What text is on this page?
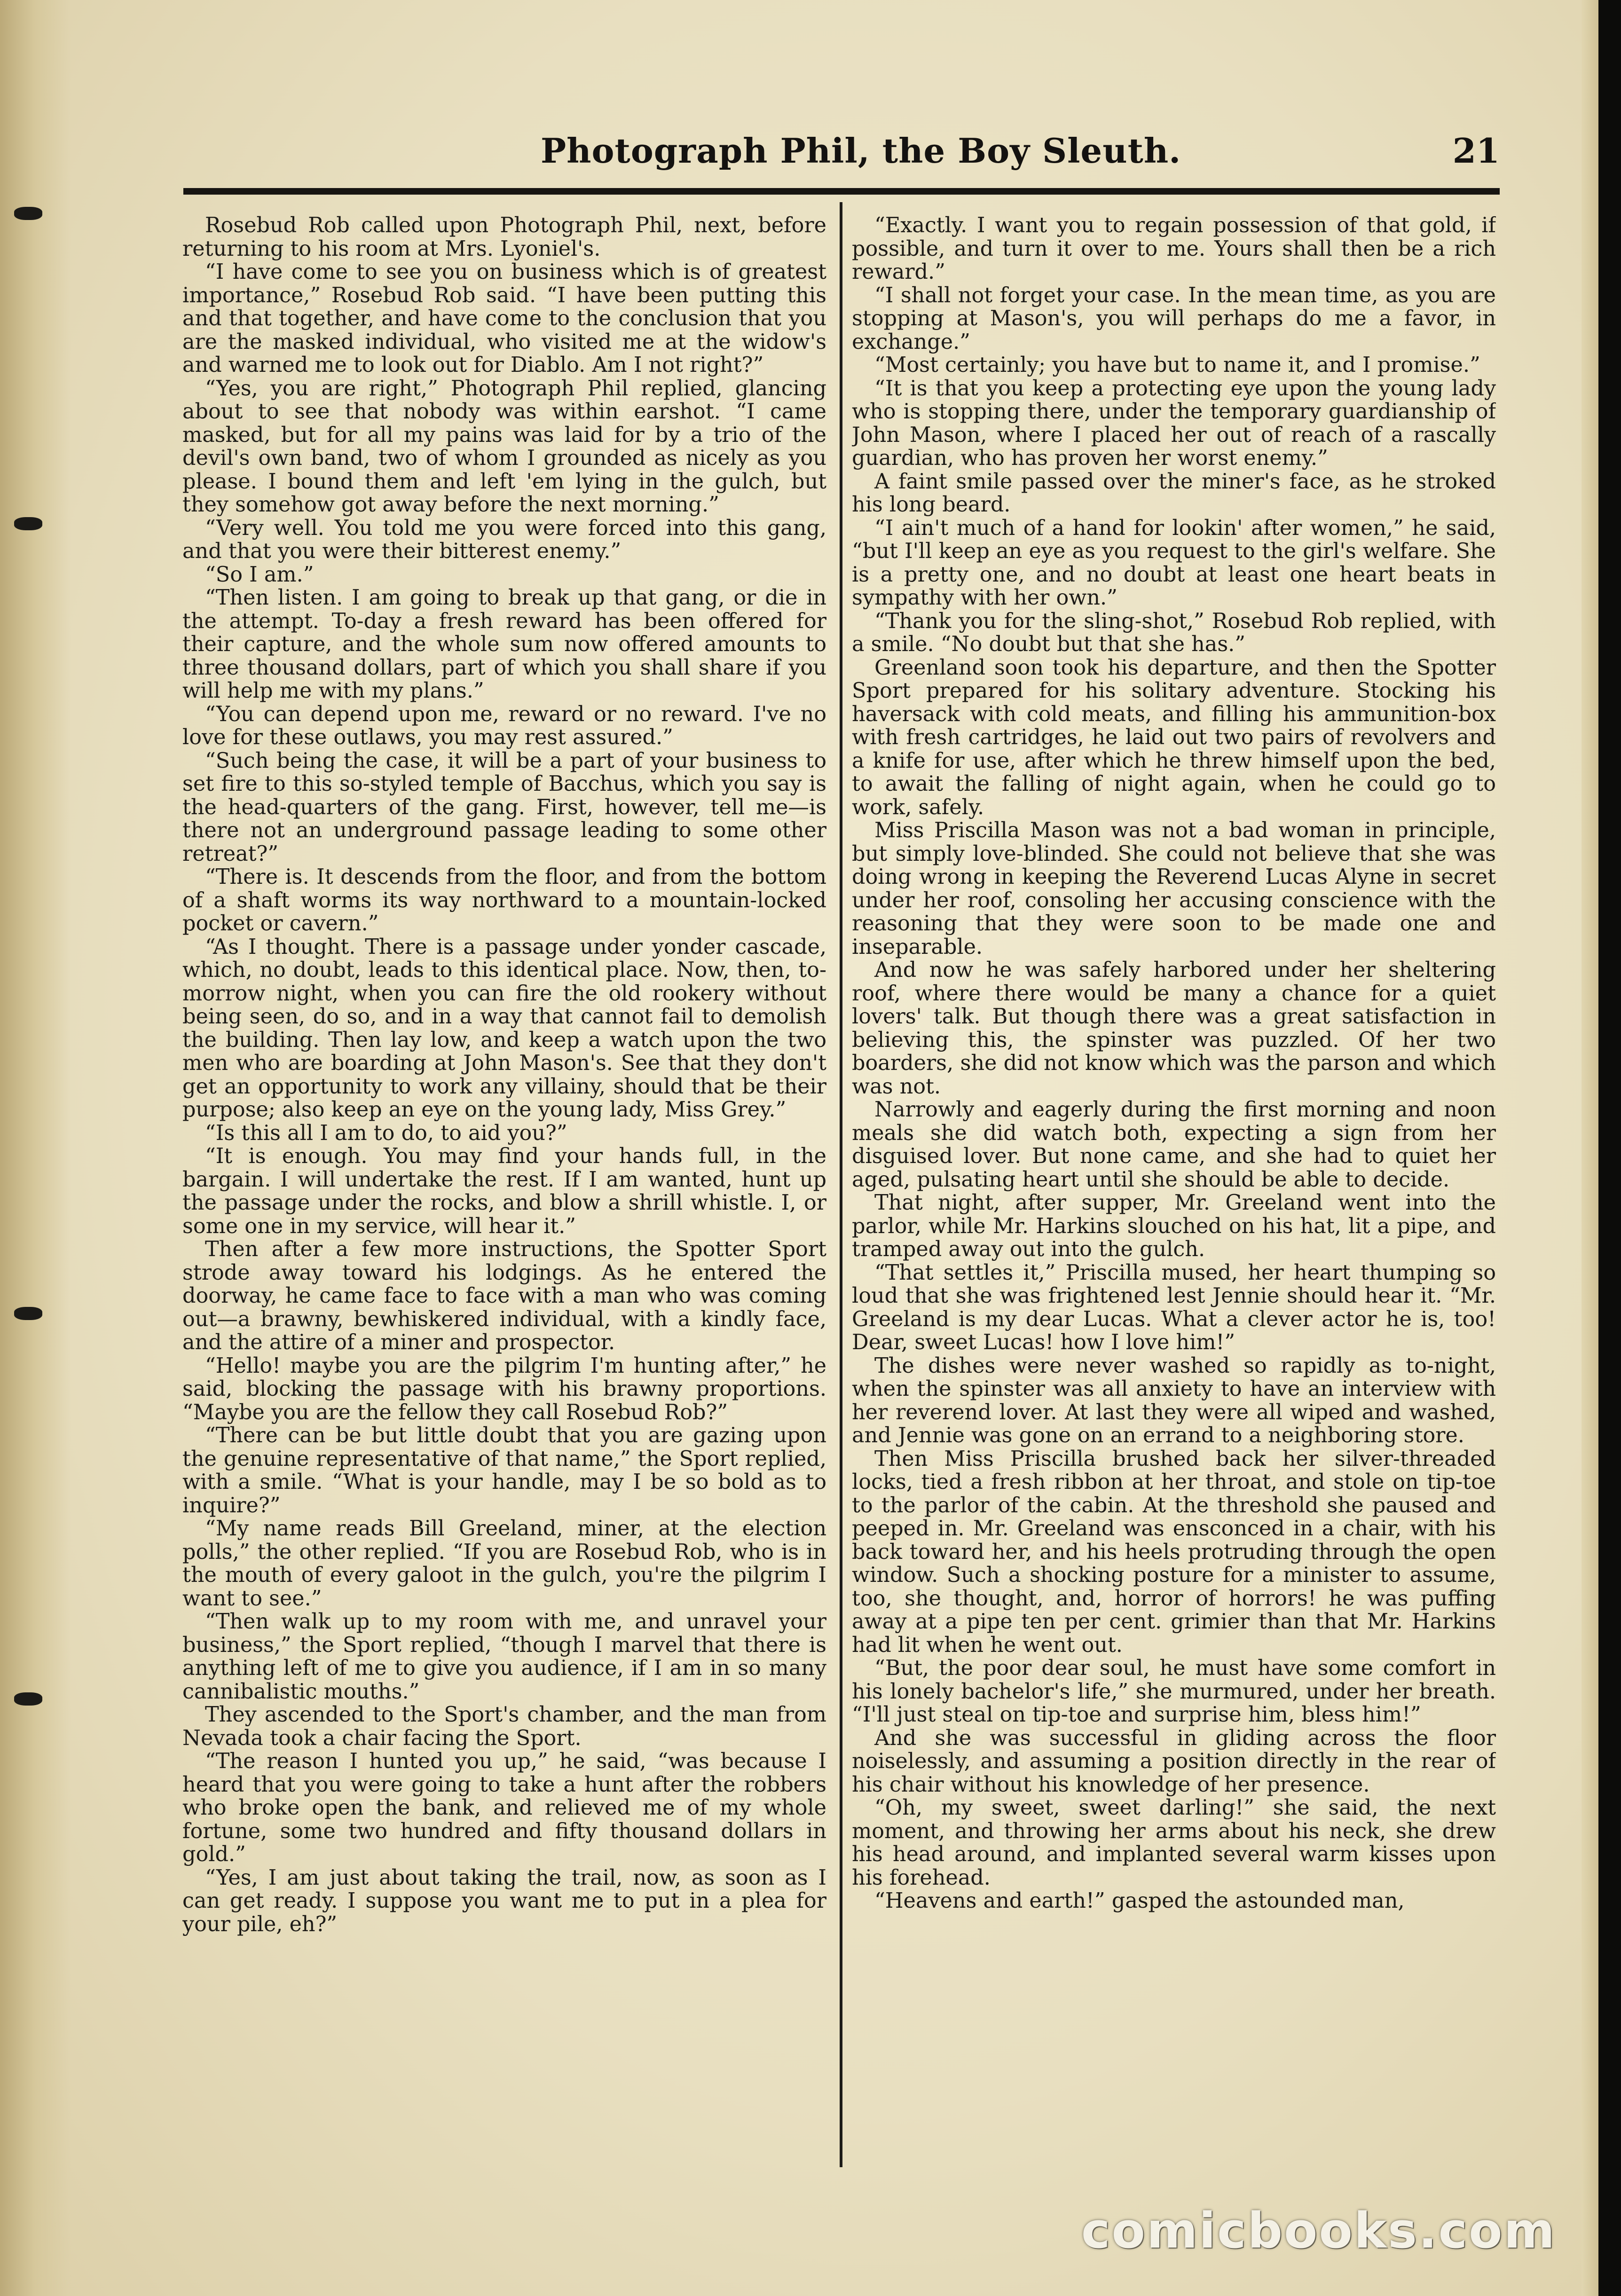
Photograph Phil, the Boy Sleuth.	21

Rosebud Rob called upon Photograph Phil, next, before returning to his room at Mrs. Lyoniel's.

“I have come to see you on business which is of greatest importance,” Rosebud Rob said. “I have been putting this and that together, and have come to the conclusion that you are the masked individual, who visited me at the widow's and warned me to look out for Diablo. Am I not right?”

“Yes, you are right,” Photograph Phil replied, glancing about to see that nobody was within earshot. “I came masked, but for all my pains was laid for by a trio of the devil's own band, two of whom I grounded as nicely as you please. I bound them and left 'em lying in the gulch, but they somehow got away before the next morning.”

“Very well. You told me you were forced into this gang, and that you were their bitterest enemy.”

“So I am.”

“Then listen. I am going to break up that gang, or die in the attempt. To-day a fresh reward has been offered for their capture, and the whole sum now offered amounts to three thousand dollars, part of which you shall share if you will help me with my plans.”

“You can depend upon me, reward or no reward. I've no love for these outlaws, you may rest assured.”

“Such being the case, it will be a part of your business to set fire to this so-styled temple of Bacchus, which you say is the head-quarters of the gang. First, however, tell me—is there not an underground passage leading to some other retreat?”

“There is. It descends from the floor, and from the bottom of a shaft worms its way northward to a mountain-locked pocket or cavern.”

“As I thought. There is a passage under yonder cascade, which, no doubt, leads to this identical place. Now, then, to-morrow night, when you can fire the old rookery without being seen, do so, and in a way that cannot fail to demolish the building. Then lay low, and keep a watch upon the two men who are boarding at John Mason's. See that they don't get an opportunity to work any villainy, should that be their purpose; also keep an eye on the young lady, Miss Grey.”

“Is this all I am to do, to aid you?”

“It is enough. You may find your hands full, in the bargain. I will undertake the rest. If I am wanted, hunt up the passage under the rocks, and blow a shrill whistle. I, or some one in my service, will hear it.”

Then after a few more instructions, the Spotter Sport strode away toward his lodgings. As he entered the doorway, he came face to face with a man who was coming out—a brawny, bewhiskered individual, with a kindly face, and the attire of a miner and prospector.

“Hello! maybe you are the pilgrim I'm hunting after,” he said, blocking the passage with his brawny proportions. “Maybe you are the fellow they call Rosebud Rob?”

“There can be but little doubt that you are gazing upon the genuine representative of that name,” the Sport replied, with a smile. “What is your handle, may I be so bold as to inquire?”

“My name reads Bill Greeland, miner, at the election polls,” the other replied. “If you are Rosebud Rob, who is in the mouth of every galoot in the gulch, you're the pilgrim I want to see.”

“Then walk up to my room with me, and unravel your business,” the Sport replied, “though I marvel that there is anything left of me to give you audience, if I am in so many cannibalistic mouths.”

They ascended to the Sport's chamber, and the man from Nevada took a chair facing the Sport.

“The reason I hunted you up,” he said, “was because I heard that you were going to take a hunt after the robbers who broke open the bank, and relieved me of my whole fortune, some two hundred and fifty thousand dollars in gold.”

“Yes, I am just about taking the trail, now, as soon as I can get ready. I suppose you want me to put in a plea for your pile, eh?”

“Exactly. I want you to regain possession of that gold, if possible, and turn it over to me. Yours shall then be a rich reward.”

“I shall not forget your case. In the mean time, as you are stopping at Mason's, you will perhaps do me a favor, in exchange.”

“Most certainly; you have but to name it, and I promise.”

“It is that you keep a protecting eye upon the young lady who is stopping there, under the temporary guardianship of John Mason, where I placed her out of reach of a rascally guardian, who has proven her worst enemy.”

A faint smile passed over the miner's face, as he stroked his long beard.

“I ain't much of a hand for lookin' after women,” he said, “but I'll keep an eye as you request to the girl's welfare. She is a pretty one, and no doubt at least one heart beats in sympathy with her own.”

“Thank you for the sling-shot,” Rosebud Rob replied, with a smile. “No doubt but that she has.”

Greenland soon took his departure, and then the Spotter Sport prepared for his solitary adventure. Stocking his haversack with cold meats, and filling his ammunition-box with fresh cartridges, he laid out two pairs of revolvers and a knife for use, after which he threw himself upon the bed, to await the falling of night again, when he could go to work, safely.

Miss Priscilla Mason was not a bad woman in principle, but simply love-blinded. She could not believe that she was doing wrong in keeping the Reverend Lucas Alyne in secret under her roof, consoling her accusing conscience with the reasoning that they were soon to be made one and inseparable.

And now he was safely harbored under her sheltering roof, where there would be many a chance for a quiet lovers' talk. But though there was a great satisfaction in believing this, the spinster was puzzled. Of her two boarders, she did not know which was the parson and which was not.

Narrowly and eagerly during the first morning and noon meals she did watch both, expecting a sign from her disguised lover. But none came, and she had to quiet her aged, pulsating heart until she should be able to decide.

That night, after supper, Mr. Greeland went into the parlor, while Mr. Harkins slouched on his hat, lit a pipe, and tramped away out into the gulch.

“That settles it,” Priscilla mused, her heart thumping so loud that she was frightened lest Jennie should hear it. “Mr. Greeland is my dear Lucas. What a clever actor he is, too! Dear, sweet Lucas! how I love him!”

The dishes were never washed so rapidly as to-night, when the spinster was all anxiety to have an interview with her reverend lover. At last they were all wiped and washed, and Jennie was gone on an errand to a neighboring store.

Then Miss Priscilla brushed back her silver-threaded locks, tied a fresh ribbon at her throat, and stole on tip-toe to the parlor of the cabin. At the threshold she paused and peeped in. Mr. Greeland was ensconced in a chair, with his back toward her, and his heels protruding through the open window. Such a shocking posture for a minister to assume, too, she thought, and, horror of horrors! he was puffing away at a pipe ten per cent. grimier than that Mr. Harkins had lit when he went out.

“But, the poor dear soul, he must have some comfort in his lonely bachelor's life,” she murmured, under her breath. “I'll just steal on tip-toe and surprise him, bless him!”

And she was successful in gliding across the floor noiselessly, and assuming a position directly in the rear of his chair without his knowledge of her presence.

“Oh, my sweet, sweet darling!” she said, the next moment, and throwing her arms about his neck, she drew his head around, and implanted several warm kisses upon his forehead.

“Heavens and earth!” gasped the astounded man,

comicbooks.com
